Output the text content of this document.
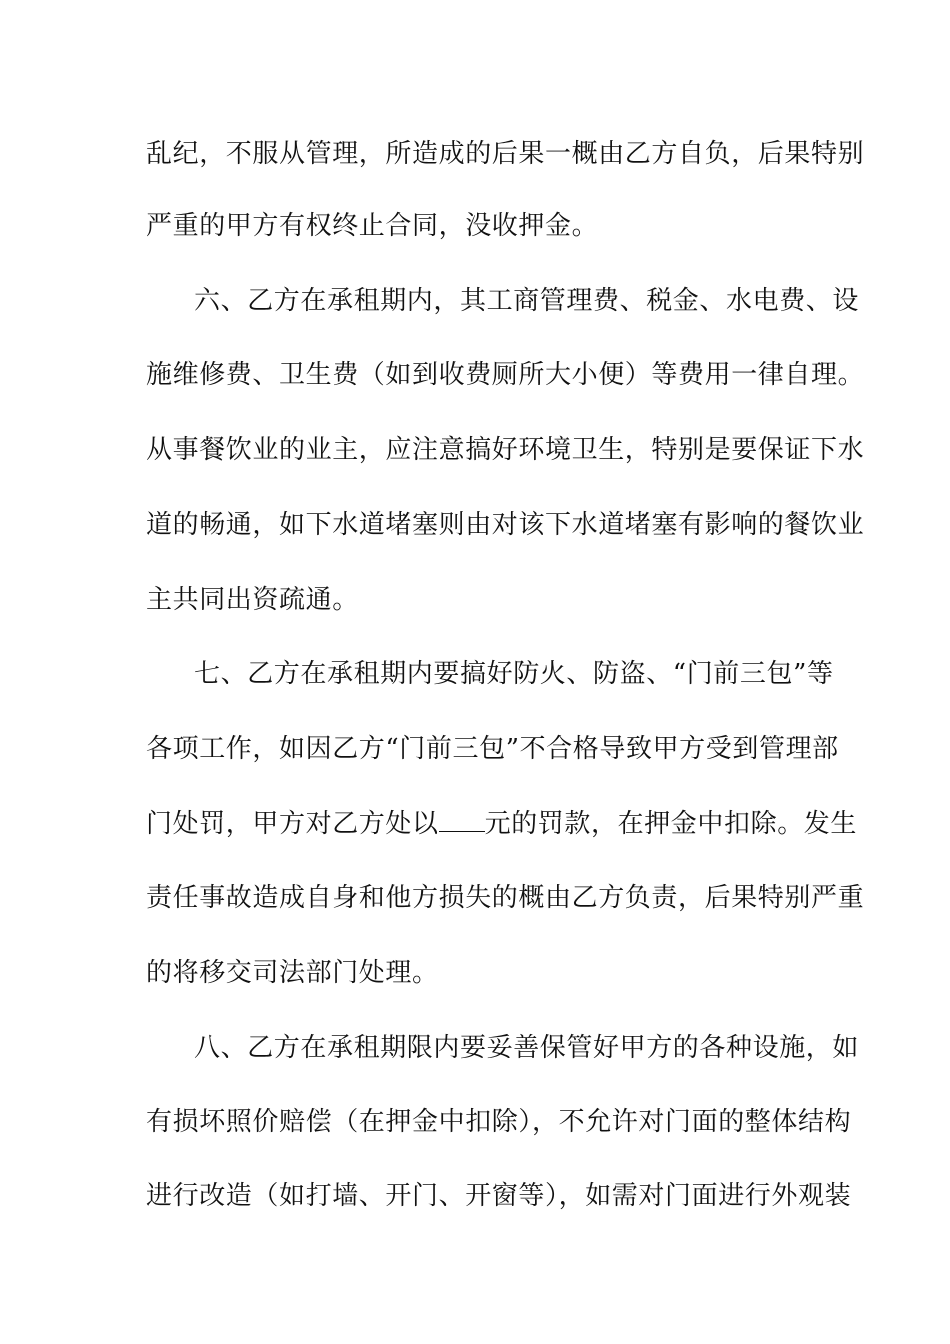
乱纪，不服从管理，所造成的后果一概由乙方自负，后果特别
严重的甲方有权终止合同，没收押金。
六、乙方在承租期内，其工商管理费、税金、水电费、设
施维修费、卫生费（如到收费厕所大小便）等费用一律自理。
从事餐饮业的业主，应注意搞好环境卫生，特别是要保证下水
道的畅通，如下水道堵塞则由对该下水道堵塞有影响的餐饮业
主共同出资疏通。
七、乙方在承租期内要搞好防火、防盗、“门前三包”等
各项工作，如因乙方“门前三包”不合格导致甲方受到管理部
门处罚，甲方对乙方处以 元的罚款，在押金中扣除。发生
责任事故造成自身和他方损失的概由乙方负责，后果特别严重
的将移交司法部门处理。
八、乙方在承租期限内要妥善保管好甲方的各种设施，如
有损坏照价赔偿（在押金中扣除），不允许对门面的整体结构
进行改造（如打墙、开门、开窗等），如需对门面进行外观装
